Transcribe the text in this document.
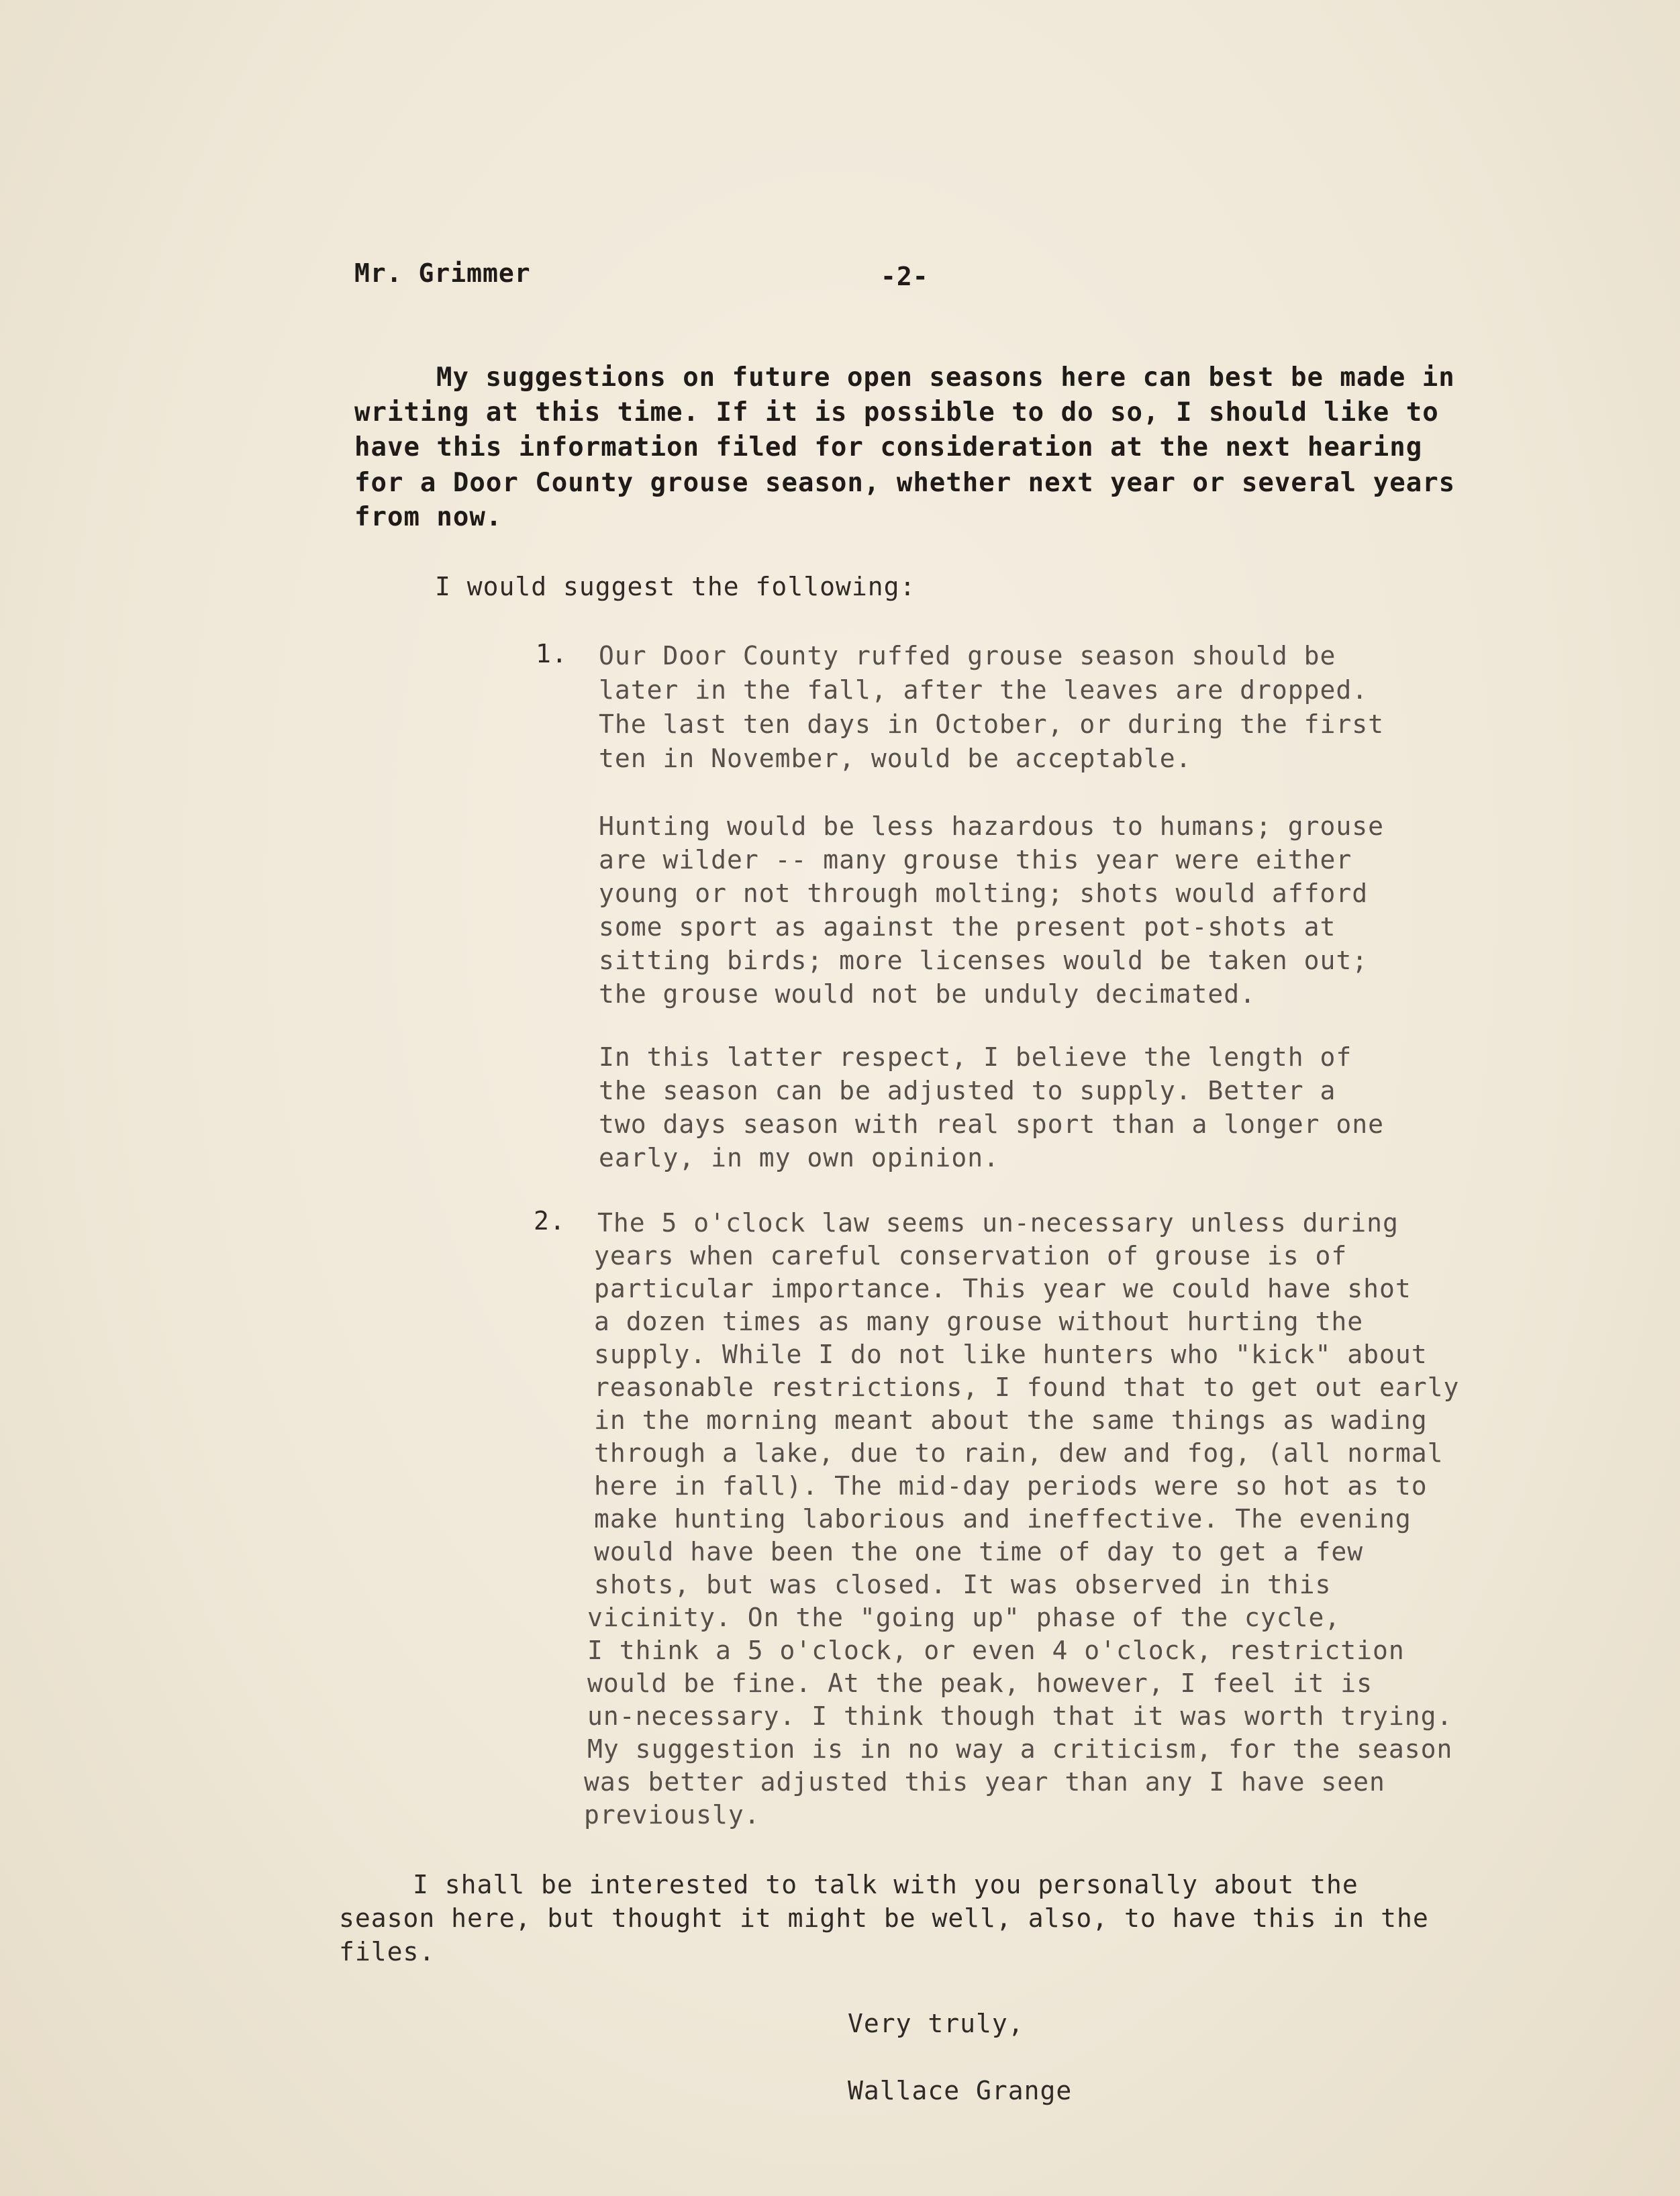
Mr. Grimmer	-2-

My suggestions on future open seasons here can best be made in

writing at this time. If it is possible to do so, I should like to

have this information filed for consideration at the next hearing

for a Door County grouse season, whether next year or several years

from now.

I would suggest the following:

1. Our Door County ruffed grouse season should be

later in the fall, after the leaves are dropped.

The last ten days in October, or during the first

ten in November, would be acceptable.

Hunting would be less hazardous to humans; grouse

are wilder -- many grouse this year were either

young or not through molting; shots would afford

some sport as against the present pot-shots at

sitting birds; more licenses would be taken out;

the grouse would not be unduly decimated.

In this latter respect, I believe the length of

the season can be adjusted to supply. Better a

two days season with real sport than a longer one

early, in my own opinion.

2. The 5 o'clock law seems un-necessary unless during

years when careful conservation of grouse is of

particular importance. This year we could have shot

a dozen times as many grouse without hurting the

supply. While I do not like hunters who "kick" about

reasonable restrictions, I found that to get out early

in the morning meant about the same things as wading

through a lake, due to rain, dew and fog, (all normal

here in fall). The mid-day periods were so hot as to

make hunting laborious and ineffective. The evening

would have been the one time of day to get a few

shots, but was closed. It was observed in this

vicinity. On the "going up" phase of the cycle,

I think a 5 o'clock, or even 4 o'clock, restriction

would be fine. At the peak, however, I feel it is

un-necessary. I think though that it was worth trying.

My suggestion is in no way a criticism, for the season

was better adjusted this year than any I have seen

previously.

I shall be interested to talk with you personally about the

season here, but thought it might be well, also, to have this in the

files.

Very truly,

Wallace Grange
